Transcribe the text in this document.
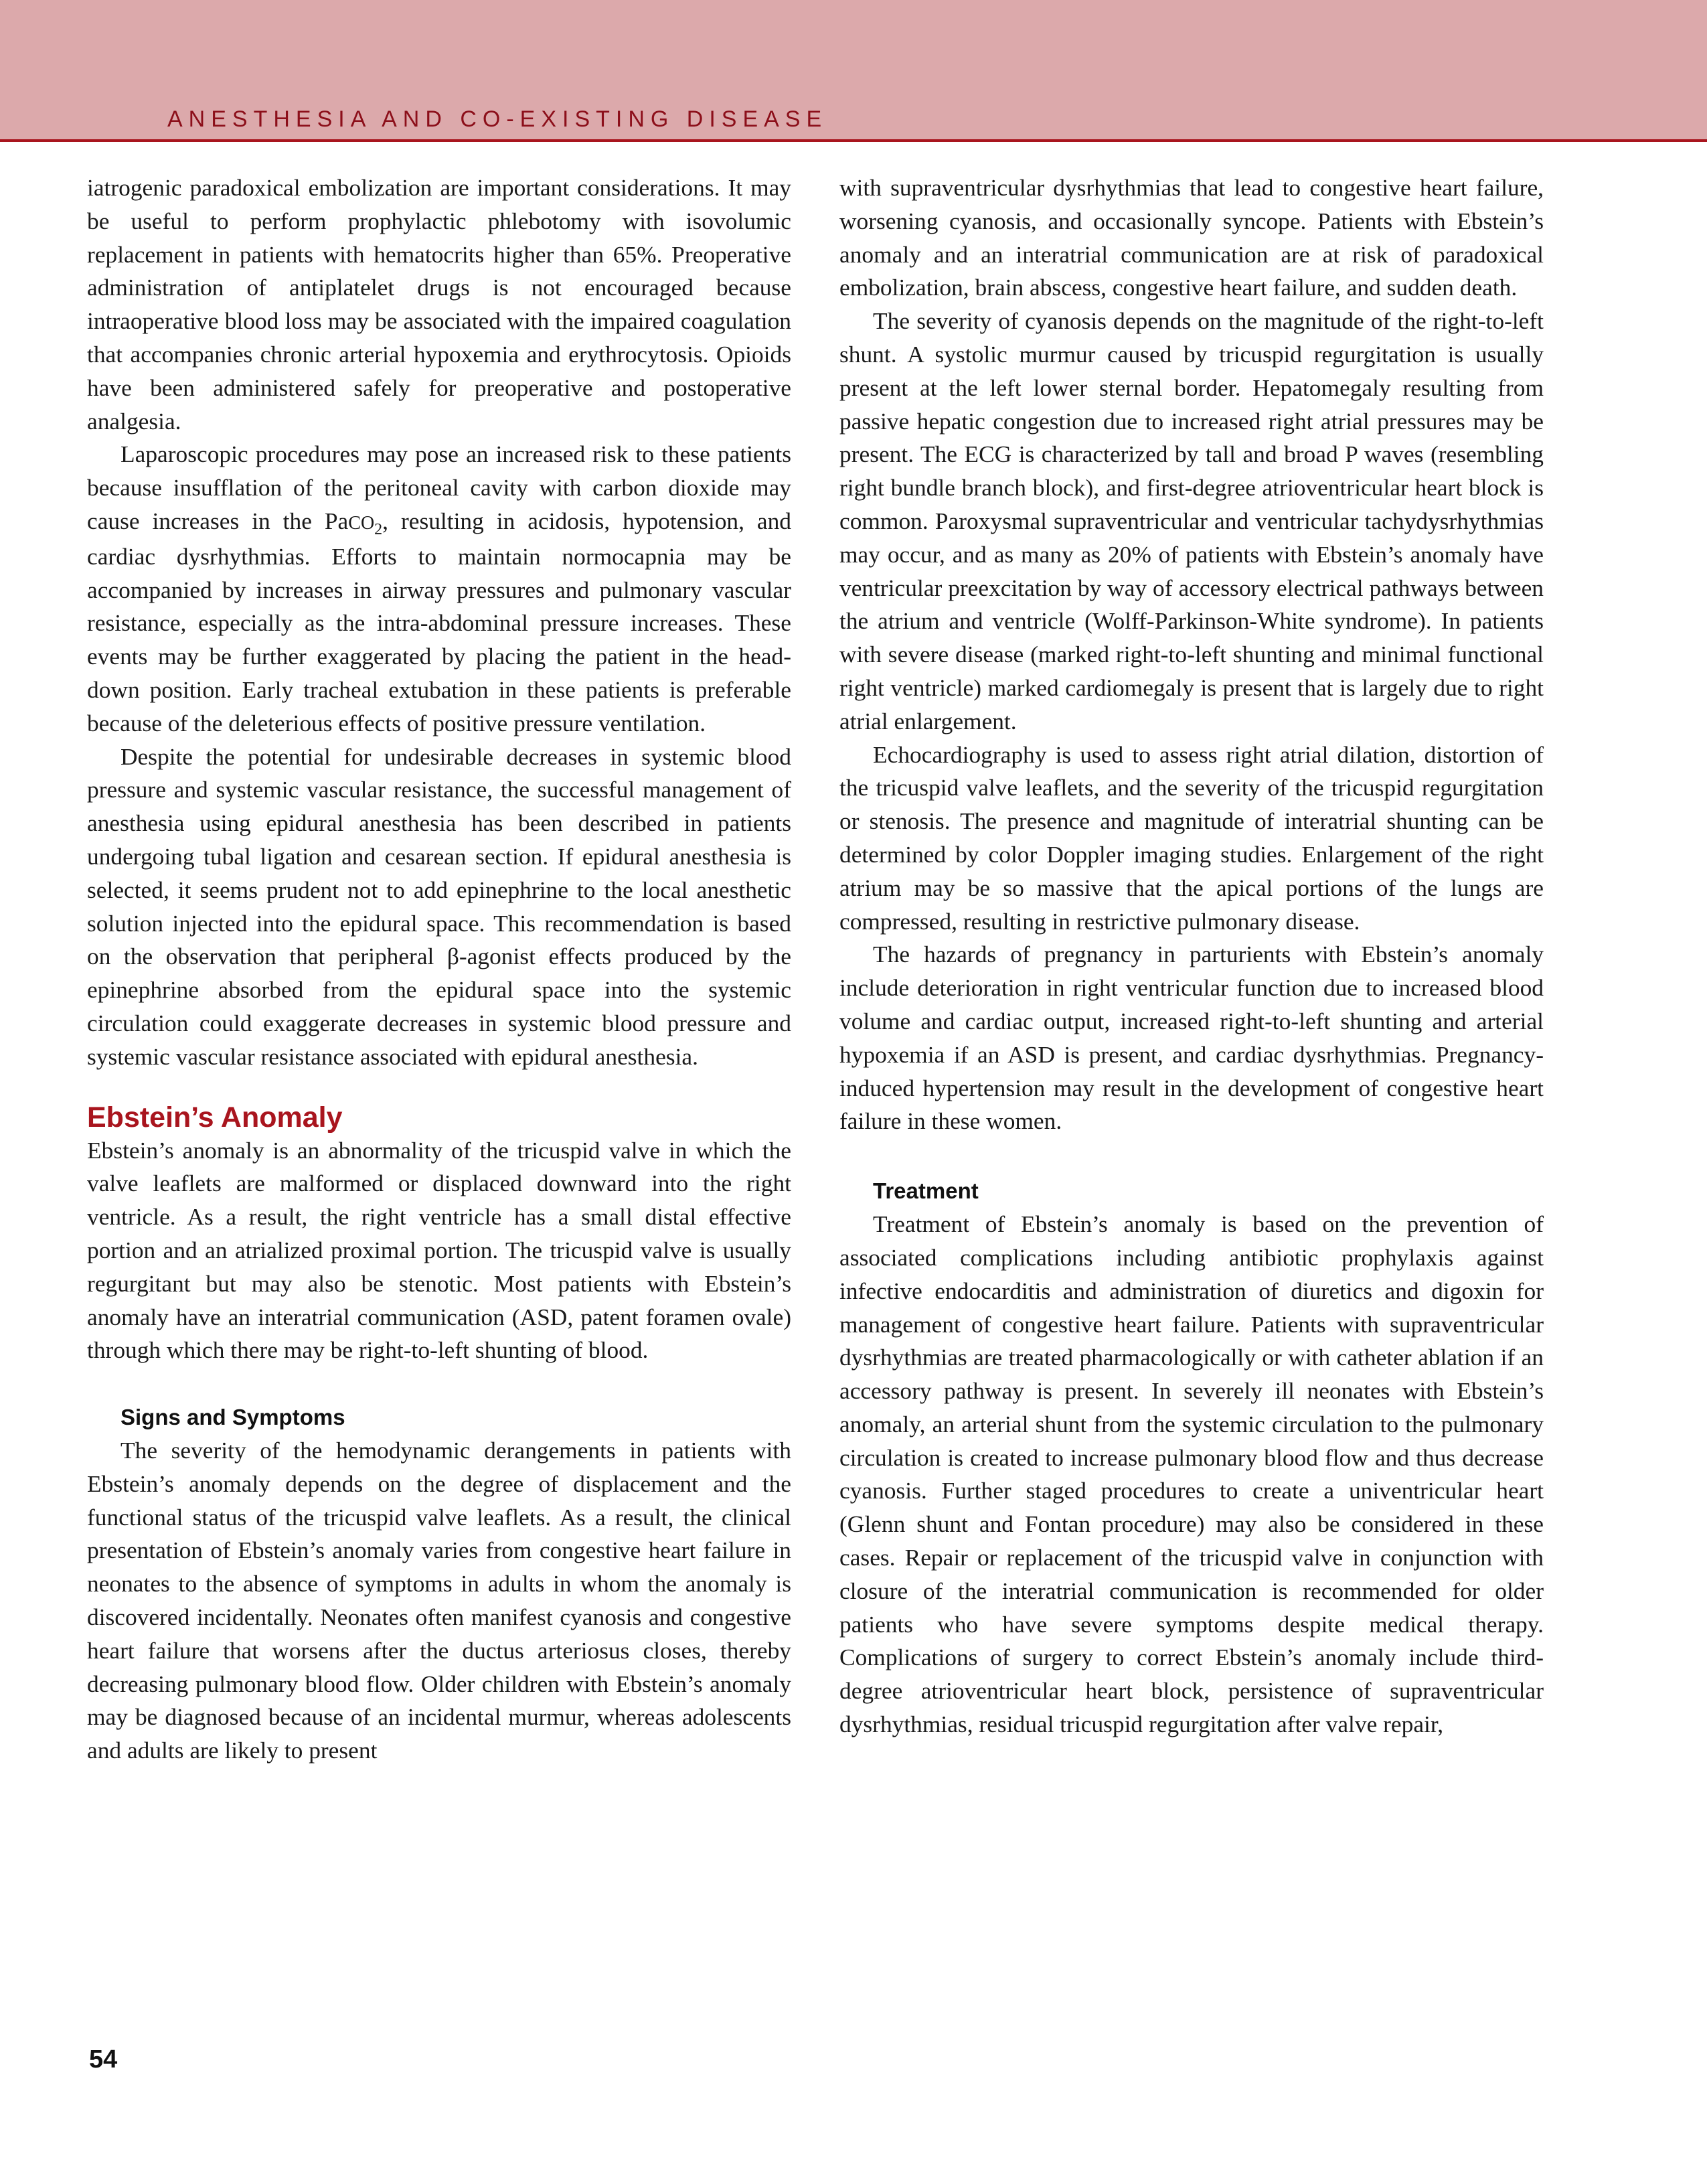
ANESTHESIA AND CO-EXISTING DISEASE

iatrogenic paradoxical embolization are important considerations. It may be useful to perform prophylactic phlebotomy with isovolumic replacement in patients with hematocrits higher than 65%. Preoperative administration of antiplatelet drugs is not encouraged because intraoperative blood loss may be associated with the impaired coagulation that accompanies chronic arterial hypoxemia and erythrocytosis. Opioids have been administered safely for preoperative and postoperative analgesia.

Laparoscopic procedures may pose an increased risk to these patients because insufflation of the peritoneal cavity with carbon dioxide may cause increases in the PaCO$_2$, resulting in acidosis, hypotension, and cardiac dysrhythmias. Efforts to maintain normocapnia may be accompanied by increases in airway pressures and pulmonary vascular resistance, especially as the intra-abdominal pressure increases. These events may be further exaggerated by placing the patient in the head-down position. Early tracheal extubation in these patients is preferable because of the deleterious effects of positive pressure ventilation.

Despite the potential for undesirable decreases in systemic blood pressure and systemic vascular resistance, the successful management of anesthesia using epidural anesthesia has been described in patients undergoing tubal ligation and cesarean section. If epidural anesthesia is selected, it seems prudent not to add epinephrine to the local anesthetic solution injected into the epidural space. This recommendation is based on the observation that peripheral β-agonist effects produced by the epinephrine absorbed from the epidural space into the systemic circulation could exaggerate decreases in systemic blood pressure and systemic vascular resistance associated with epidural anesthesia.

Ebstein’s Anomaly

Ebstein’s anomaly is an abnormality of the tricuspid valve in which the valve leaflets are malformed or displaced downward into the right ventricle. As a result, the right ventricle has a small distal effective portion and an atrialized proximal portion. The tricuspid valve is usually regurgitant but may also be stenotic. Most patients with Ebstein’s anomaly have an interatrial communication (ASD, patent foramen ovale) through which there may be right-to-left shunting of blood.

Signs and Symptoms

The severity of the hemodynamic derangements in patients with Ebstein’s anomaly depends on the degree of displacement and the functional status of the tricuspid valve leaflets. As a result, the clinical presentation of Ebstein’s anomaly varies from congestive heart failure in neonates to the absence of symptoms in adults in whom the anomaly is discovered incidentally. Neonates often manifest cyanosis and congestive heart failure that worsens after the ductus arteriosus closes, thereby decreasing pulmonary blood flow. Older children with Ebstein’s anomaly may be diagnosed because of an incidental murmur, whereas adolescents and adults are likely to present

with supraventricular dysrhythmias that lead to congestive heart failure, worsening cyanosis, and occasionally syncope. Patients with Ebstein’s anomaly and an interatrial communication are at risk of paradoxical embolization, brain abscess, congestive heart failure, and sudden death.

The severity of cyanosis depends on the magnitude of the right-to-left shunt. A systolic murmur caused by tricuspid regurgitation is usually present at the left lower sternal border. Hepatomegaly resulting from passive hepatic congestion due to increased right atrial pressures may be present. The ECG is characterized by tall and broad P waves (resembling right bundle branch block), and first-degree atrioventricular heart block is common. Paroxysmal supraventricular and ventricular tachydysrhythmias may occur, and as many as 20% of patients with Ebstein’s anomaly have ventricular preexcitation by way of accessory electrical pathways between the atrium and ventricle (Wolff-Parkinson-White syndrome). In patients with severe disease (marked right-to-left shunting and minimal functional right ventricle) marked cardiomegaly is present that is largely due to right atrial enlargement.

Echocardiography is used to assess right atrial dilation, distortion of the tricuspid valve leaflets, and the severity of the tricuspid regurgitation or stenosis. The presence and magnitude of interatrial shunting can be determined by color Doppler imaging studies. Enlargement of the right atrium may be so massive that the apical portions of the lungs are compressed, resulting in restrictive pulmonary disease.

The hazards of pregnancy in parturients with Ebstein’s anomaly include deterioration in right ventricular function due to increased blood volume and cardiac output, increased right-to-left shunting and arterial hypoxemia if an ASD is present, and cardiac dysrhythmias. Pregnancy-induced hypertension may result in the development of congestive heart failure in these women.

Treatment

Treatment of Ebstein’s anomaly is based on the prevention of associated complications including antibiotic prophylaxis against infective endocarditis and administration of diuretics and digoxin for management of congestive heart failure. Patients with supraventricular dysrhythmias are treated pharmacologically or with catheter ablation if an accessory pathway is present. In severely ill neonates with Ebstein’s anomaly, an arterial shunt from the systemic circulation to the pulmonary circulation is created to increase pulmonary blood flow and thus decrease cyanosis. Further staged procedures to create a univentricular heart (Glenn shunt and Fontan procedure) may also be considered in these cases. Repair or replacement of the tricuspid valve in conjunction with closure of the interatrial communication is recommended for older patients who have severe symptoms despite medical therapy. Complications of surgery to correct Ebstein’s anomaly include third-degree atrioventricular heart block, persistence of supraventricular dysrhythmias, residual tricuspid regurgitation after valve repair,

54
